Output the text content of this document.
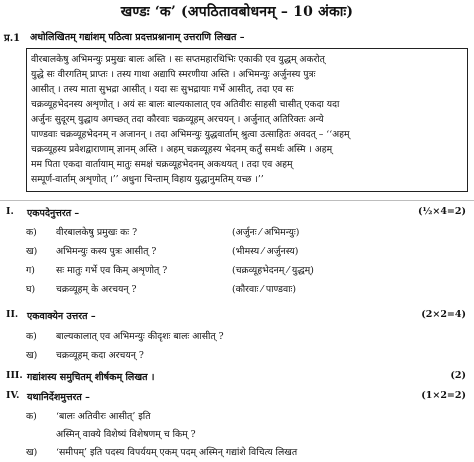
खण्डः ‘क’ (अपठितावबोधनम् – 10 अंकाः)
प्र.1 अधोलिखितम् गद्यांशम् पठित्वा प्रदत्तप्रश्नानाम् उत्तराणि लिखत –
वीरबालकेषु अभिमन्युः प्रमुखः बालः अस्ति । सः सप्तमहारथिभिः एकाकी एव युद्धम् अकरोत्
युद्धे सः वीरगतिम् प्राप्तः । तस्य गाथा अद्यापि स्मरणीया अस्ति । अभिमन्युः अर्जुनस्य पुत्रः
आसीत् । तस्य माता सुभद्रा आसीत् । यदा सः सुभद्रायाः गर्भे आसीत्, तदा एव सः
चक्रव्यूहभेदनस्य अशृणोत् । अयं सः बालः बाल्यकालात् एव अतिवीरः साहसी चासीत् एकदा यदा
अर्जुनः सुदूरम् युद्धाय अगच्छत् तदा कौरवाः चक्रव्यूहम् अरचयन् । अर्जुनात् अतिरिक्तः अन्ये
पाण्डवाः चक्रव्यूहभेदनम् न अजानन् । तदा अभिमन्युः युद्धवार्ताम् श्रुत्वा उत्साहितः अवदत् – ‘‘अहम्
चक्रव्यूहस्य प्रवेशद्वाराणाम् ज्ञानम् अस्ति । अहम् चक्रव्यूहस्य भेदनम् कर्तुं समर्थः अस्मि । अहम्
मम पिता एकदा वार्तायाम् मातुः समक्षं चक्रव्यूहभेदनम् अकथयत् । तदा एव अहम्
सम्पूर्ण-वार्ताम् अशृणोत् ।’’ अधुना चिन्ताम् विहाय युद्धानुमतिम् यच्छ ।’’
I. एकपदेनुत्तरत –	(½×4=2)
क) वीरबालकेषु प्रमुखः कः ?	(अर्जुनः ⁄ अभिमन्युः)
ख) अभिमन्युः कस्य पुत्रः आसीत् ?	(भीमस्य ⁄ अर्जुनस्य)
ग) सः मातुः गर्भे एव किम् अशृणोत् ?	(चक्रव्यूहभेदनम् ⁄ युद्धम्)
घ) चक्रव्यूहम् के अरचयन् ?	(कौरवाः ⁄ पाण्डवाः)
II. एकवाक्येन उत्तरत –	(2×2=4)
क) बाल्यकालात् एव अभिमन्युः कीदृशः बालः आसीत् ?
ख) चक्रव्यूहम् कदा अरचयन् ?
III. गद्यांशस्य समुचितम् शीर्षकम् लिखत ।	(2)
IV. यथानिर्देशमुत्तरत –	(1×2=2)
क) ‘बालः अतिवीरः आसीत्’ इति
अस्मिन् वाक्ये विशेष्यं विशेषणम् च किम् ?
ख) ‘समीपम्’ इति पदस्य विपर्ययम् एकम् पदम् अस्मिन् गद्यांशे विचित्य लिखत
